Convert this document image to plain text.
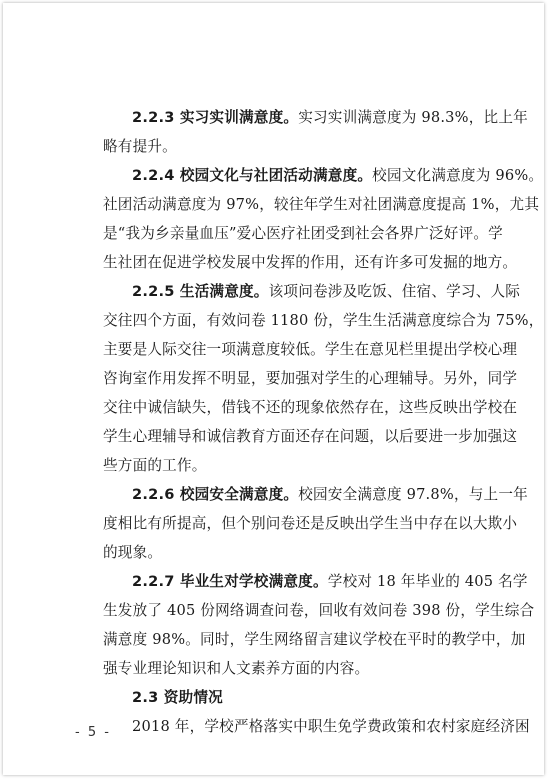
2.2.3 实习实训满意度。实习实训满意度为 98.3%，比上年
略有提升。
2.2.4 校园文化与社团活动满意度。校园文化满意度为 96%。
社团活动满意度为 97%，较往年学生对社团满意度提高 1%，尤其
是“我为乡亲量血压”爱心医疗社团受到社会各界广泛好评。学
生社团在促进学校发展中发挥的作用，还有许多可发掘的地方。
2.2.5 生活满意度。该项问卷涉及吃饭、住宿、学习、人际
交往四个方面，有效问卷 1180 份，学生生活满意度综合为 75%，
主要是人际交往一项满意度较低。学生在意见栏里提出学校心理
咨询室作用发挥不明显，要加强对学生的心理辅导。另外，同学
交往中诚信缺失，借钱不还的现象依然存在，这些反映出学校在
学生心理辅导和诚信教育方面还存在问题，以后要进一步加强这
些方面的工作。
2.2.6 校园安全满意度。校园安全满意度 97.8%，与上一年
度相比有所提高，但个别问卷还是反映出学生当中存在以大欺小
的现象。
2.2.7 毕业生对学校满意度。学校对 18 年毕业的 405 名学
生发放了 405 份网络调查问卷，回收有效问卷 398 份，学生综合
满意度 98%。同时，学生网络留言建议学校在平时的教学中，加
强专业理论知识和人文素养方面的内容。
2.3 资助情况
2018 年，学校严格落实中职生免学费政策和农村家庭经济困
- 5 -
